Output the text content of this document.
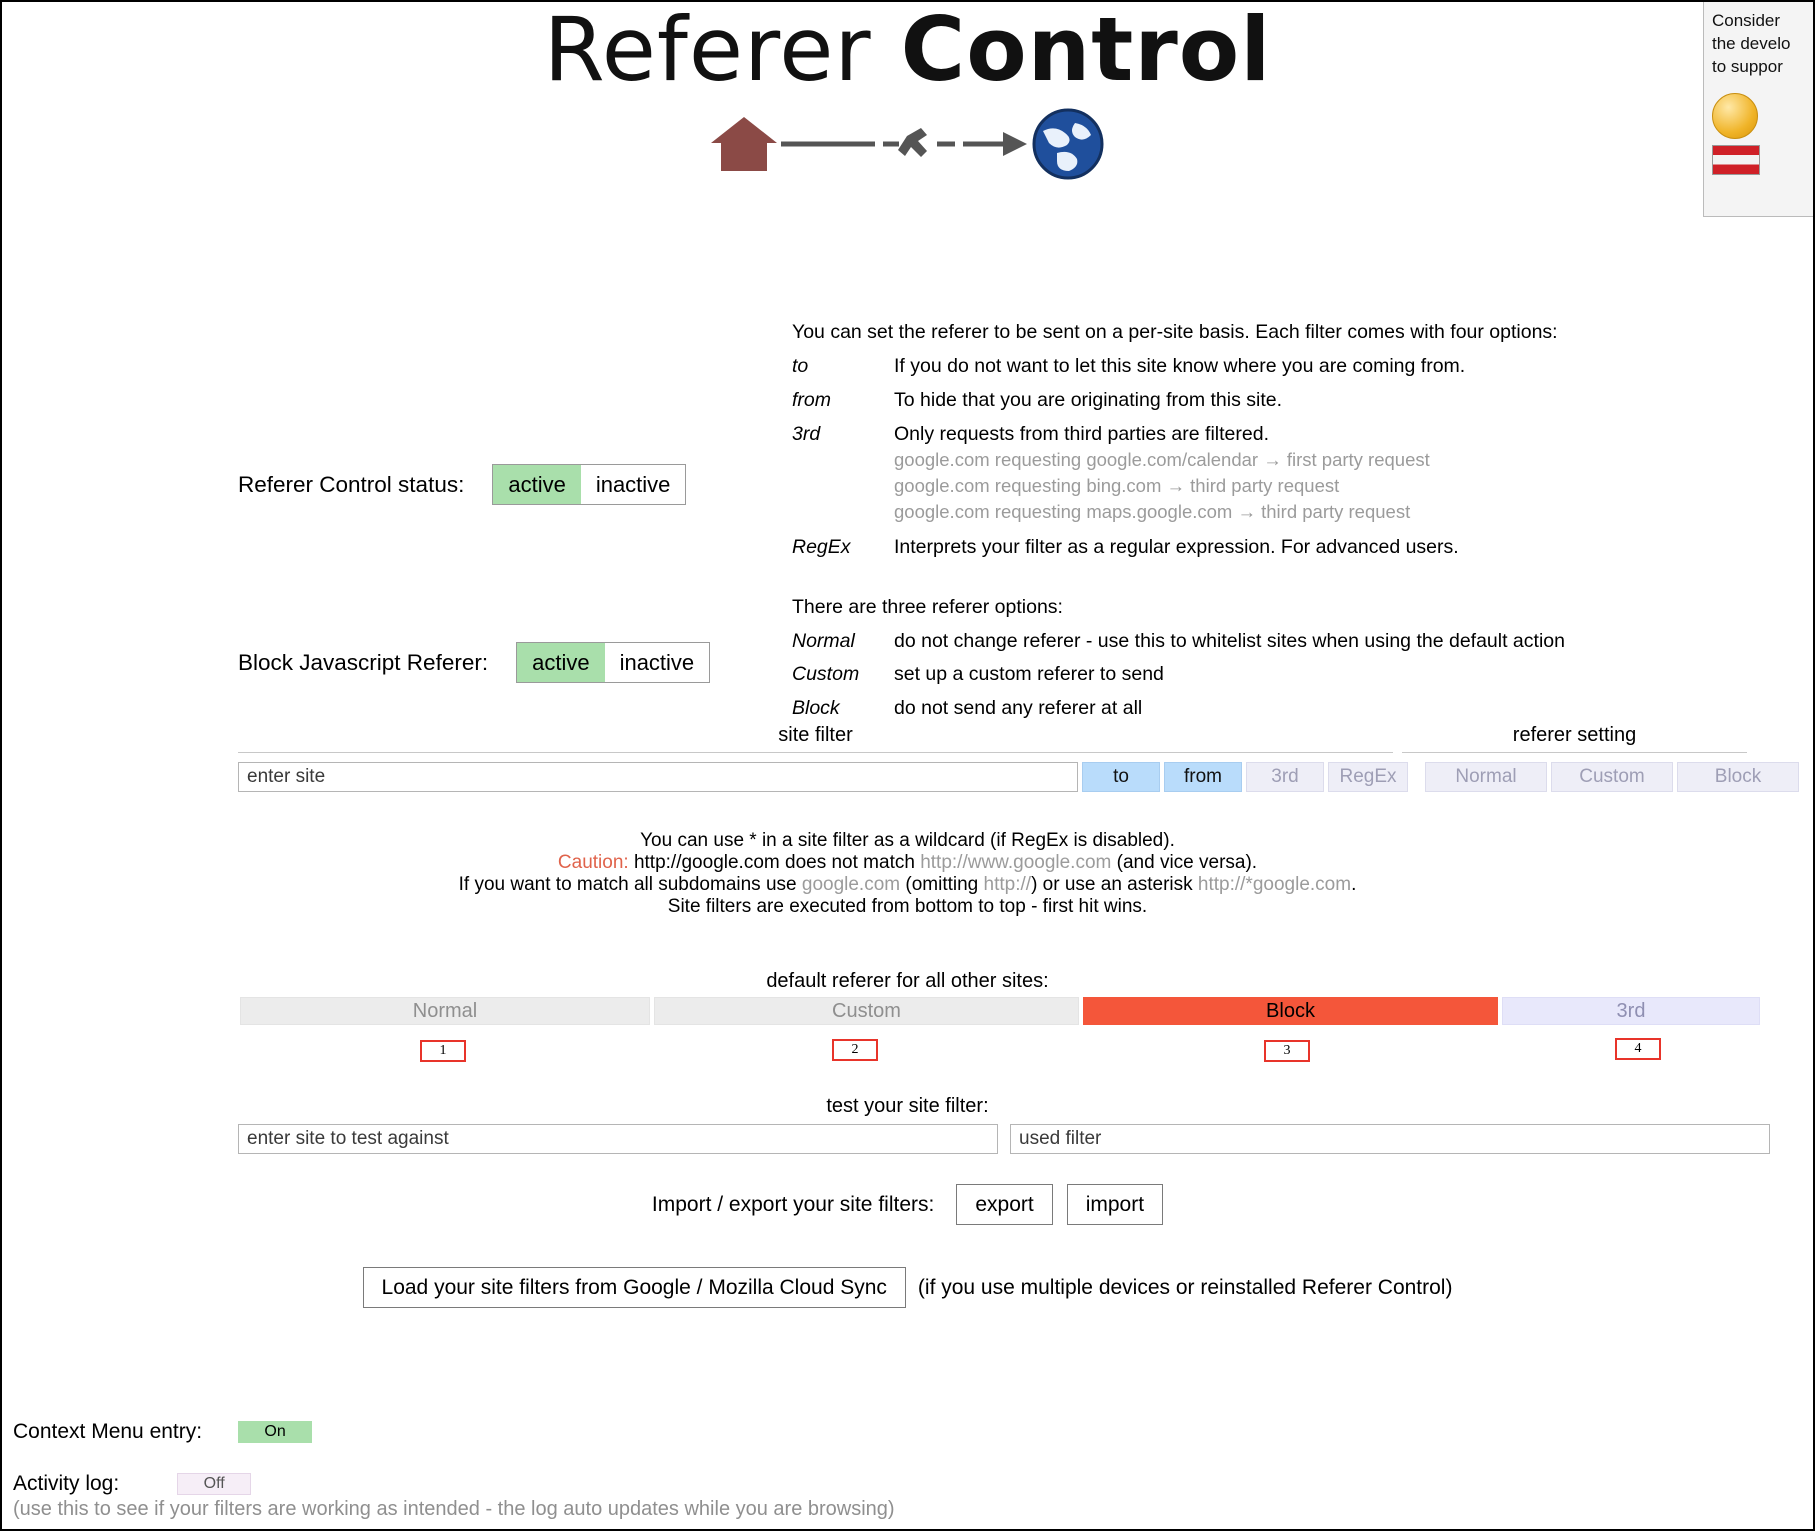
Referer Control	Consider
the develo
to suppor
You can set the referer to be sent on a per-site basis. Each filter comes with four options:
to	If you do not want to let this site know where you are coming from.
from	To hide that you are originating from this site.
3rd	Only requests from third parties are filtered.
google.com requesting google.com/calendar → first party request
google.com requesting bing.com → third party request
google.com requesting maps.google.com → third party request

RegEx	Interprets your filter as a regular expression. For advanced users.
There are three referer options:
Normal	do not change referer - use this to whitelist sites when using the default action
Custom	set up a custom referer to send
Block	do not send any referer at all
Referer Control status:	active	inactive
Block Javascript Referer:	active	inactive
site filter	referer setting
enter site
to	from	3rd	RegEx	Normal	Custom	Block
You can use * in a site filter as a wildcard (if RegEx is disabled).
Caution: http://google.com does not match http://www.google.com (and vice versa).
If you want to match all subdomains use google.com (omitting http://) or use an asterisk http://*google.com.
Site filters are executed from bottom to top - first hit wins.
default referer for all other sites:
Normal	Custom	Block	3rd
1	2	3	4
test your site filter:
enter site to test against
used filter
Import / export your site filters:	export	import
Load your site filters from Google / Mozilla Cloud Sync	(if you use multiple devices or reinstalled Referer Control)
Context Menu entry:	On
Activity log:	Off
(use this to see if your filters are working as intended - the log auto updates while you are browsing)
